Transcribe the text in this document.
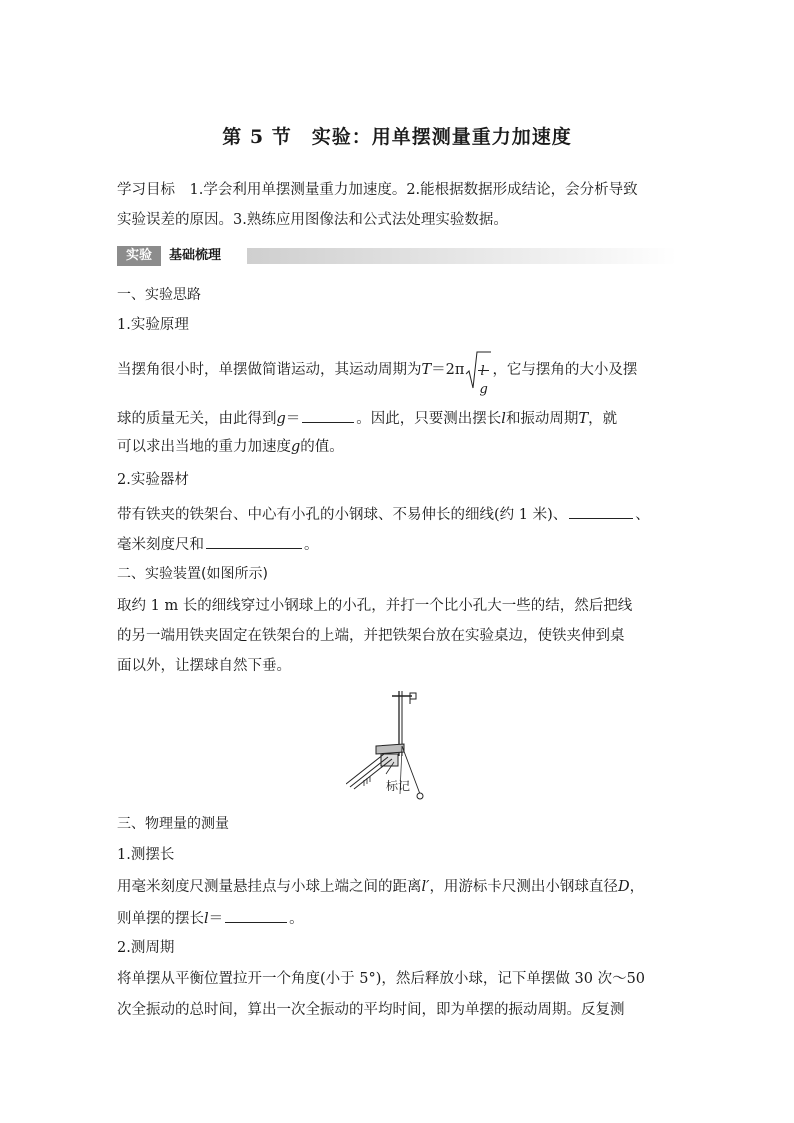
第 5 节　实验：用单摆测量重力加速度
学习目标　1.学会利用单摆测量重力加速度。2.能根据数据形成结论，会分析导致
实验误差的原因。3.熟练应用图像法和公式法处理实验数据。
实验	基础梳理
一、实验思路
1.实验原理
当摆角很小时，单摆做简谐运动，其运动周期为T＝2π l
g
，它与摆角的大小及摆
球的质量无关，由此得到g＝	。因此，只要测出摆长l和振动周期T，就
可以求出当地的重力加速度g的值。
2.实验器材
带有铁夹的铁架台、中心有小孔的小钢球、不易伸长的细线(约 1 米)、	、
毫米刻度尺和	。
二、实验装置(如图所示)
取约 1 m 长的细线穿过小钢球上的小孔，并打一个比小孔大一些的结，然后把线
的另一端用铁夹固定在铁架台的上端，并把铁架台放在实验桌边，使铁夹伸到桌
面以外，让摆球自然下垂。
标记
三、物理量的测量
1.测摆长
用毫米刻度尺测量悬挂点与小球上端之间的距离l′，用游标卡尺测出小钢球直径D，
则单摆的摆长l＝	。
2.测周期
将单摆从平衡位置拉开一个角度(小于 5°)，然后释放小球，记下单摆做 30 次～50
次全振动的总时间，算出一次全振动的平均时间，即为单摆的振动周期。反复测
